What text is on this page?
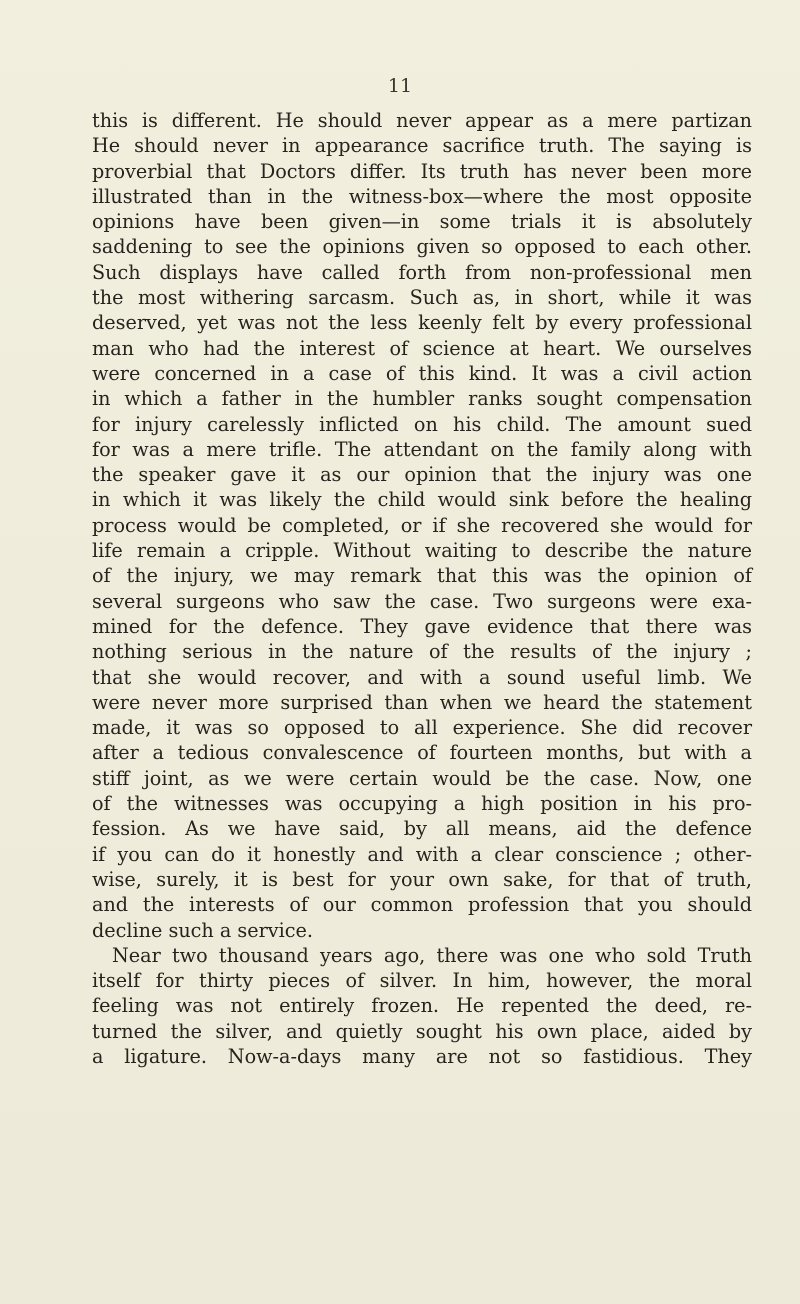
11
this is different. He should never appear as a mere partizan
He should never in appearance sacrifice truth. The saying is
proverbial that Doctors differ. Its truth has never been more
illustrated than in the witness-box—where the most opposite
opinions have been given—in some trials it is absolutely
saddening to see the opinions given so opposed to each other.
Such displays have called forth from non-professional men
the most withering sarcasm. Such as, in short, while it was
deserved, yet was not the less keenly felt by every professional
man who had the interest of science at heart. We ourselves
were concerned in a case of this kind. It was a civil action
in which a father in the humbler ranks sought compensation
for injury carelessly inflicted on his child. The amount sued
for was a mere trifle. The attendant on the family along with
the speaker gave it as our opinion that the injury was one
in which it was likely the child would sink before the healing
process would be completed, or if she recovered she would for
life remain a cripple. Without waiting to describe the nature
of the injury, we may remark that this was the opinion of
several surgeons who saw the case. Two surgeons were exa-
mined for the defence. They gave evidence that there was
nothing serious in the nature of the results of the injury ;
that she would recover, and with a sound useful limb. We
were never more surprised than when we heard the statement
made, it was so opposed to all experience. She did recover
after a tedious convalescence of fourteen months, but with a
stiff joint, as we were certain would be the case. Now, one
of the witnesses was occupying a high position in his pro-
fession. As we have said, by all means, aid the defence
if you can do it honestly and with a clear conscience ; other-
wise, surely, it is best for your own sake, for that of truth,
and the interests of our common profession that you should
decline such a service.
Near two thousand years ago, there was one who sold Truth
itself for thirty pieces of silver. In him, however, the moral
feeling was not entirely frozen. He repented the deed, re-
turned the silver, and quietly sought his own place, aided by
a ligature. Now-a-days many are not so fastidious. They
